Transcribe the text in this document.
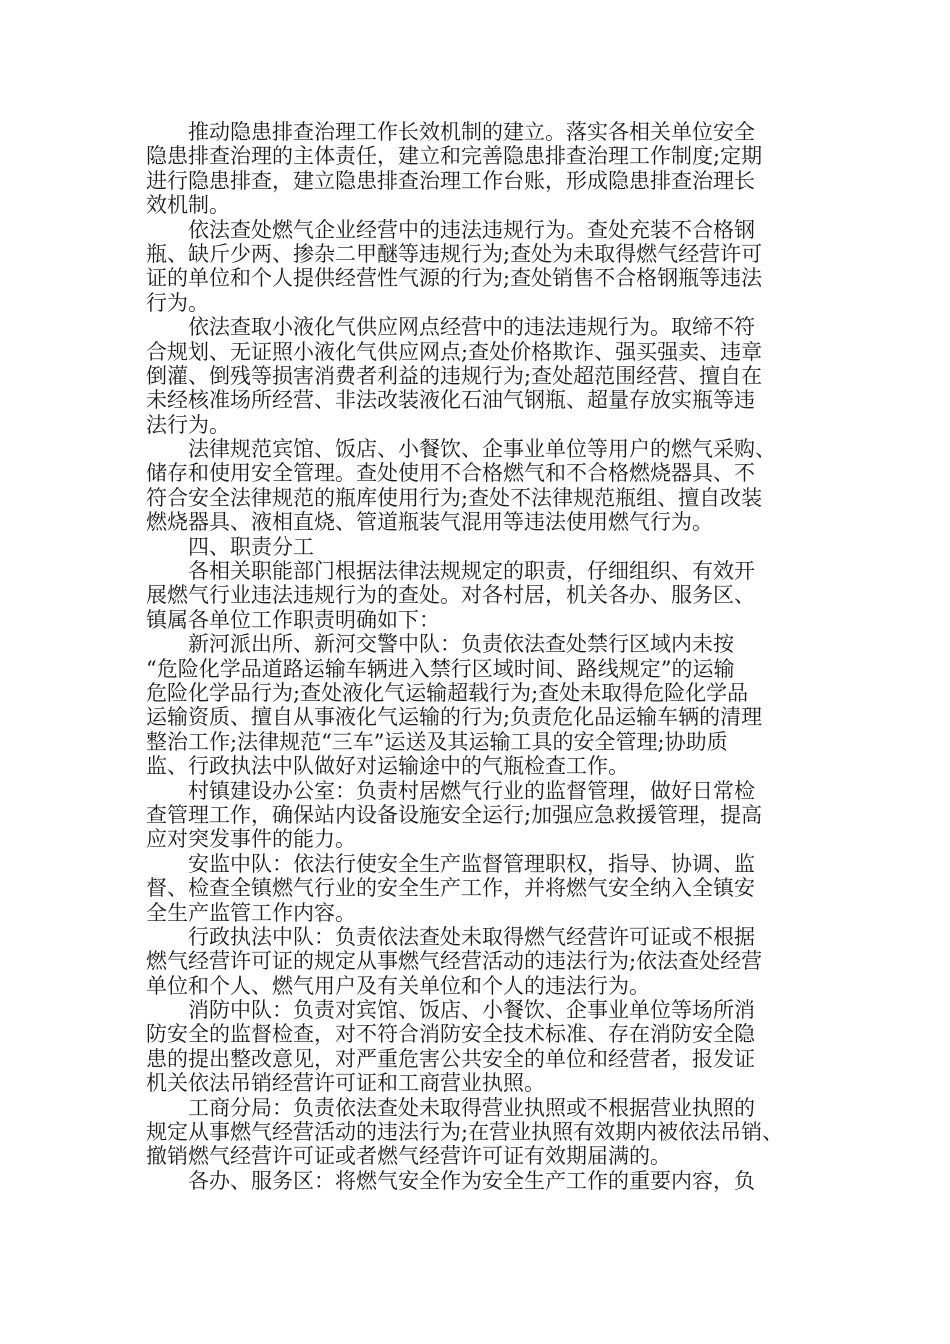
推动隐患排查治理工作长效机制的建立。落实各相关单位安全
隐患排查治理的主体责任，建立和完善隐患排查治理工作制度;定期
进行隐患排查，建立隐患排查治理工作台账，形成隐患排查治理长
效机制。
依法查处燃气企业经营中的违法违规行为。查处充装不合格钢
瓶、缺斤少两、掺杂二甲醚等违规行为;查处为未取得燃气经营许可
证的单位和个人提供经营性气源的行为;查处销售不合格钢瓶等违法
行为。
依法查取小液化气供应网点经营中的违法违规行为。取缔不符
合规划、无证照小液化气供应网点;查处价格欺诈、强买强卖、违章
倒灌、倒残等损害消费者利益的违规行为;查处超范围经营、擅自在
未经核准场所经营、非法改装液化石油气钢瓶、超量存放实瓶等违
法行为。
法律规范宾馆、饭店、小餐饮、企事业单位等用户的燃气采购、
储存和使用安全管理。查处使用不合格燃气和不合格燃烧器具、不
符合安全法律规范的瓶库使用行为;查处不法律规范瓶组、擅自改装
燃烧器具、液相直烧、管道瓶装气混用等违法使用燃气行为。
四、职责分工
各相关职能部门根据法律法规规定的职责，仔细组织、有效开
展燃气行业违法违规行为的查处。对各村居，机关各办、服务区、
镇属各单位工作职责明确如下：
新河派出所、新河交警中队：负责依法查处禁行区域内未按
“危险化学品道路运输车辆进入禁行区域时间、路线规定”的运输
危险化学品行为;查处液化气运输超载行为;查处未取得危险化学品
运输资质、擅自从事液化气运输的行为;负责危化品运输车辆的清理
整治工作;法律规范“三车”运送及其运输工具的安全管理;协助质
监、行政执法中队做好对运输途中的气瓶检查工作。
村镇建设办公室：负责村居燃气行业的监督管理，做好日常检
查管理工作，确保站内设备设施安全运行;加强应急救援管理，提高
应对突发事件的能力。
安监中队：依法行使安全生产监督管理职权，指导、协调、监
督、检查全镇燃气行业的安全生产工作，并将燃气安全纳入全镇安
全生产监管工作内容。
行政执法中队：负责依法查处未取得燃气经营许可证或不根据
燃气经营许可证的规定从事燃气经营活动的违法行为;依法查处经营
单位和个人、燃气用户及有关单位和个人的违法行为。
消防中队：负责对宾馆、饭店、小餐饮、企事业单位等场所消
防安全的监督检查，对不符合消防安全技术标准、存在消防安全隐
患的提出整改意见，对严重危害公共安全的单位和经营者，报发证
机关依法吊销经营许可证和工商营业执照。
工商分局：负责依法查处未取得营业执照或不根据营业执照的
规定从事燃气经营活动的违法行为;在营业执照有效期内被依法吊销、
撤销燃气经营许可证或者燃气经营许可证有效期届满的。
各办、服务区：将燃气安全作为安全生产工作的重要内容，负
